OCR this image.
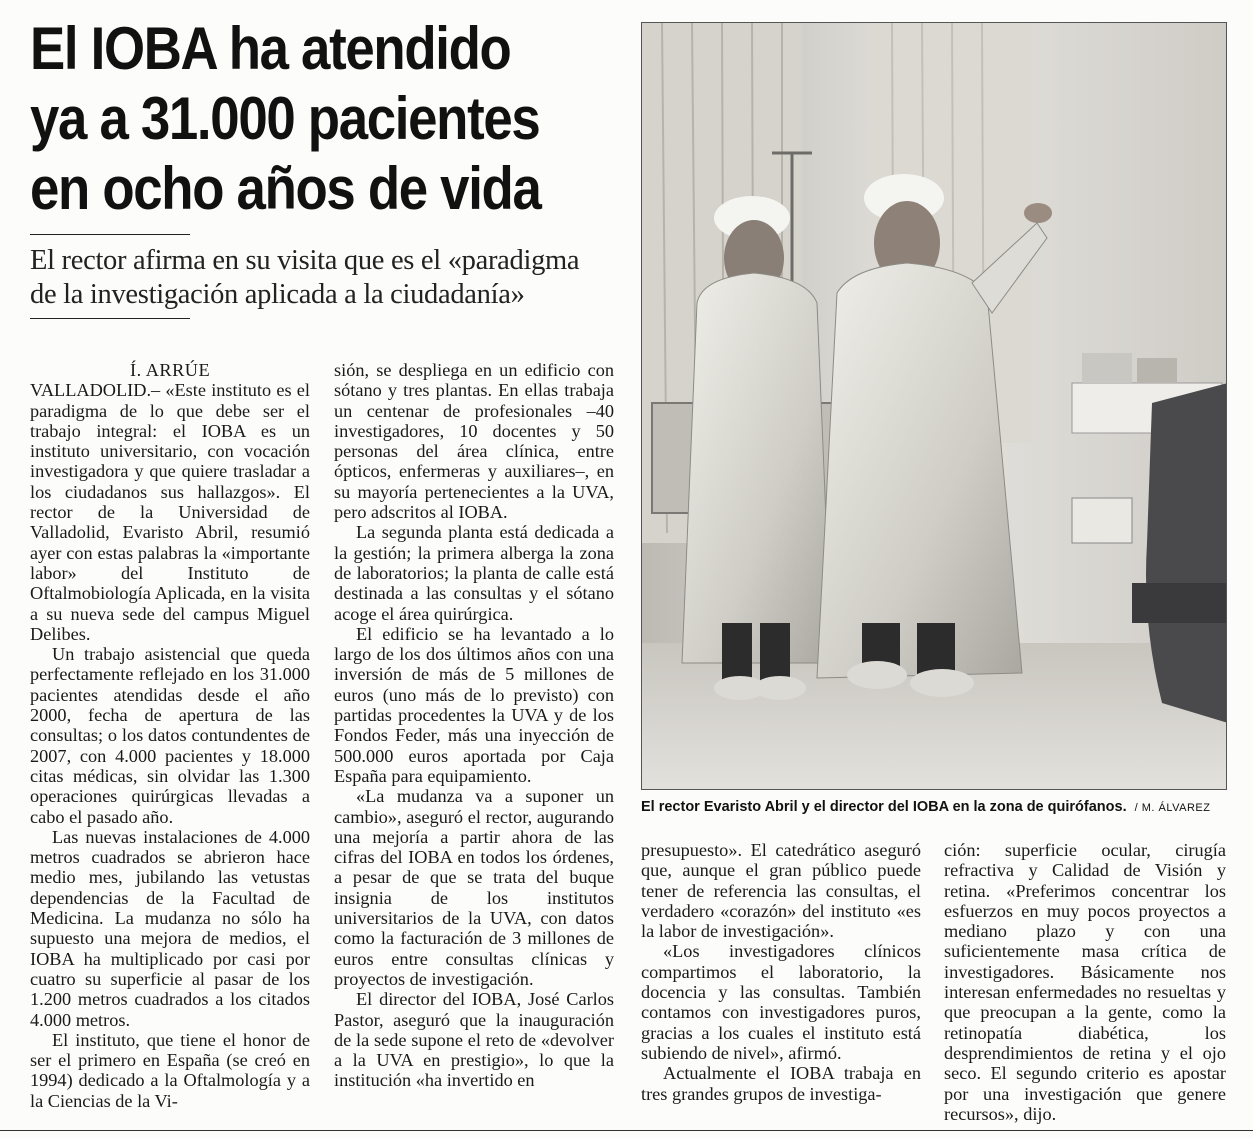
El IOBA ha atendido
ya a 31.000 pacientes
en ocho años de vida
El rector afirma en su visita que es el «paradigma
de la investigación aplicada a la ciudadanía»

Í. ARRÚE

VALLADOLID.– «Este instituto es el paradigma de lo que debe ser el trabajo integral: el IOBA es un instituto universitario, con vocación investigadora y que quiere trasladar a los ciudadanos sus hallazgos». El rector de la Universidad de Valladolid, Evaristo Abril, resumió ayer con estas palabras la «importante labor» del Instituto de Oftalmobiología Aplicada, en la visita a su nueva sede del campus Miguel Delibes.

Un trabajo asistencial que queda perfectamente reflejado en los 31.000 pacientes atendidas desde el año 2000, fecha de apertura de las consultas; o los datos contundentes de 2007, con 4.000 pacientes y 18.000 citas médicas, sin olvidar las 1.300 operaciones quirúrgicas llevadas a cabo el pasado año.

Las nuevas instalaciones de 4.000 metros cuadrados se abrieron hace medio mes, jubilando las vetustas dependencias de la Facultad de Medicina. La mudanza no sólo ha supuesto una mejora de medios, el IOBA ha multiplicado por casi por cuatro su superficie al pasar de los 1.200 metros cuadrados a los citados 4.000 metros.

El instituto, que tiene el honor de ser el primero en España (se creó en 1994) dedicado a la Oftalmología y a la Ciencias de la Vi-

sión, se despliega en un edificio con sótano y tres plantas. En ellas trabaja un centenar de profesionales –40 investigadores, 10 docentes y 50 personas del área clínica, entre ópticos, enfermeras y auxiliares–, en su mayoría pertenecientes a la UVA, pero adscritos al IOBA.

La segunda planta está dedicada a la gestión; la primera alberga la zona de laboratorios; la planta de calle está destinada a las consultas y el sótano acoge el área quirúrgica.

El edificio se ha levantado a lo largo de los dos últimos años con una inversión de más de 5 millones de euros (uno más de lo previsto) con partidas procedentes la UVA y de los Fondos Feder, más una inyección de 500.000 euros aportada por Caja España para equipamiento.

«La mudanza va a suponer un cambio», aseguró el rector, augurando una mejoría a partir ahora de las cifras del IOBA en todos los órdenes, a pesar de que se trata del buque insignia de los institutos universitarios de la UVA, con datos como la facturación de 3 millones de euros entre consultas clínicas y proyectos de investigación.

El director del IOBA, José Carlos Pastor, aseguró que la inauguración de la sede supone el reto de «devolver a la UVA en prestigio», lo que la institución «ha invertido en

El rector Evaristo Abril y el director del IOBA en la zona de quirófanos. / M. ÁLVAREZ

presupuesto». El catedrático aseguró que, aunque el gran público puede tener de referencia las consultas, el verdadero «corazón» del instituto «es la labor de investigación».

«Los investigadores clínicos compartimos el laboratorio, la docencia y las consultas. También contamos con investigadores puros, gracias a los cuales el instituto está subiendo de nivel», afirmó.

Actualmente el IOBA trabaja en tres grandes grupos de investiga-

ción: superficie ocular, cirugía refractiva y Calidad de Visión y retina. «Preferimos concentrar los esfuerzos en muy pocos proyectos a mediano plazo y con una suficientemente masa crítica de investigadores. Básicamente nos interesan enfermedades no resueltas y que preocupan a la gente, como la retinopatía diabética, los desprendimientos de retina y el ojo seco. El segundo criterio es apostar por una investigación que genere recursos», dijo.
